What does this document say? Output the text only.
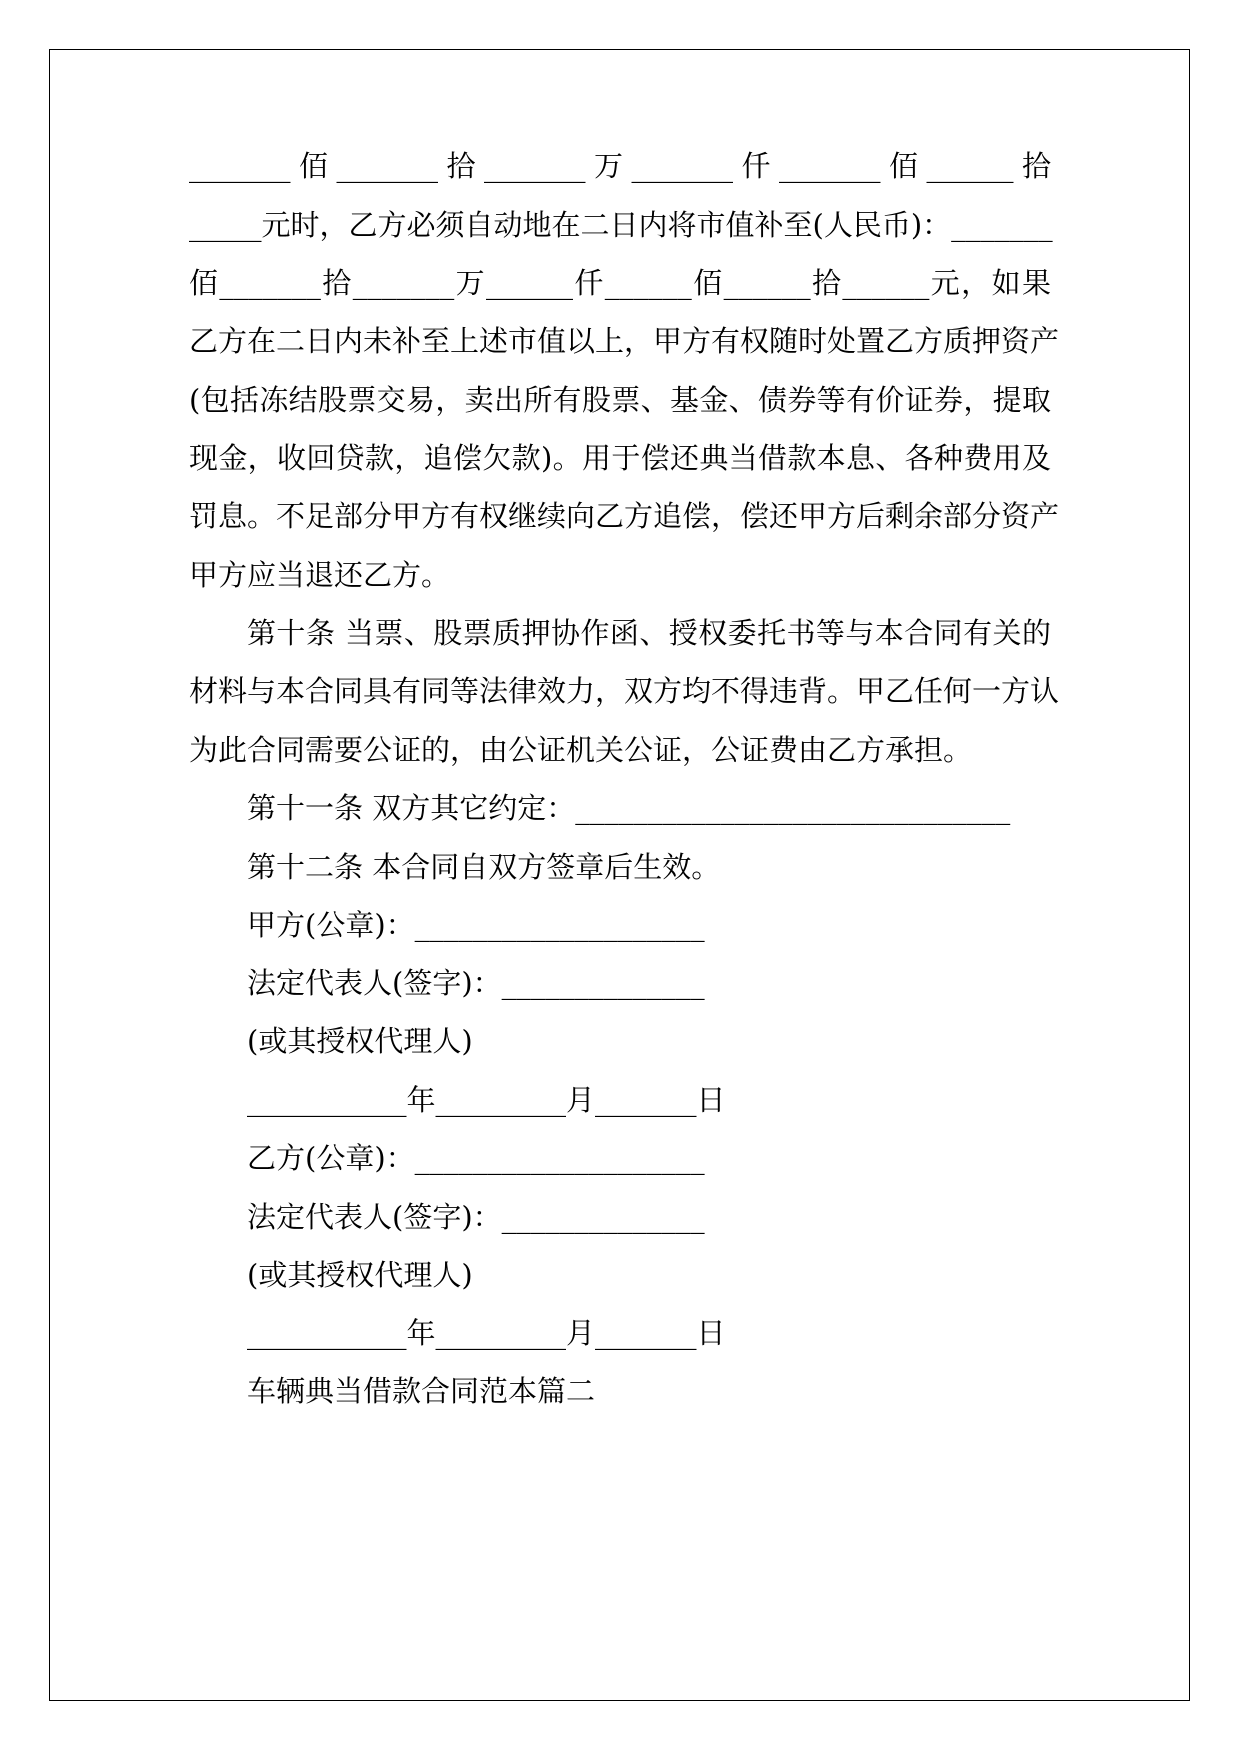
_______佰_______拾_______万_______仟_______佰______拾
_____元时，乙方必须自动地在二日内将市值补至(人民币)：_______
佰_______拾_______万______仟______佰______拾______元，如果
乙方在二日内未补至上述市值以上，甲方有权随时处置乙方质押资产
(包括冻结股票交易，卖出所有股票、基金、债券等有价证券，提取
现金，收回贷款，追偿欠款)。用于偿还典当借款本息、各种费用及
罚息。不足部分甲方有权继续向乙方追偿，偿还甲方后剩余部分资产
甲方应当退还乙方。
第十条 当票、股票质押协作函、授权委托书等与本合同有关的
材料与本合同具有同等法律效力，双方均不得违背。甲乙任何一方认
为此合同需要公证的，由公证机关公证，公证费由乙方承担。
第十一条 双方其它约定：______________________________
第十二条 本合同自双方签章后生效。
甲方(公章)：____________________
法定代表人(签字)：______________
(或其授权代理人)
___________年_________月_______日
乙方(公章)：____________________
法定代表人(签字)：______________
(或其授权代理人)
___________年_________月_______日
车辆典当借款合同范本篇二
